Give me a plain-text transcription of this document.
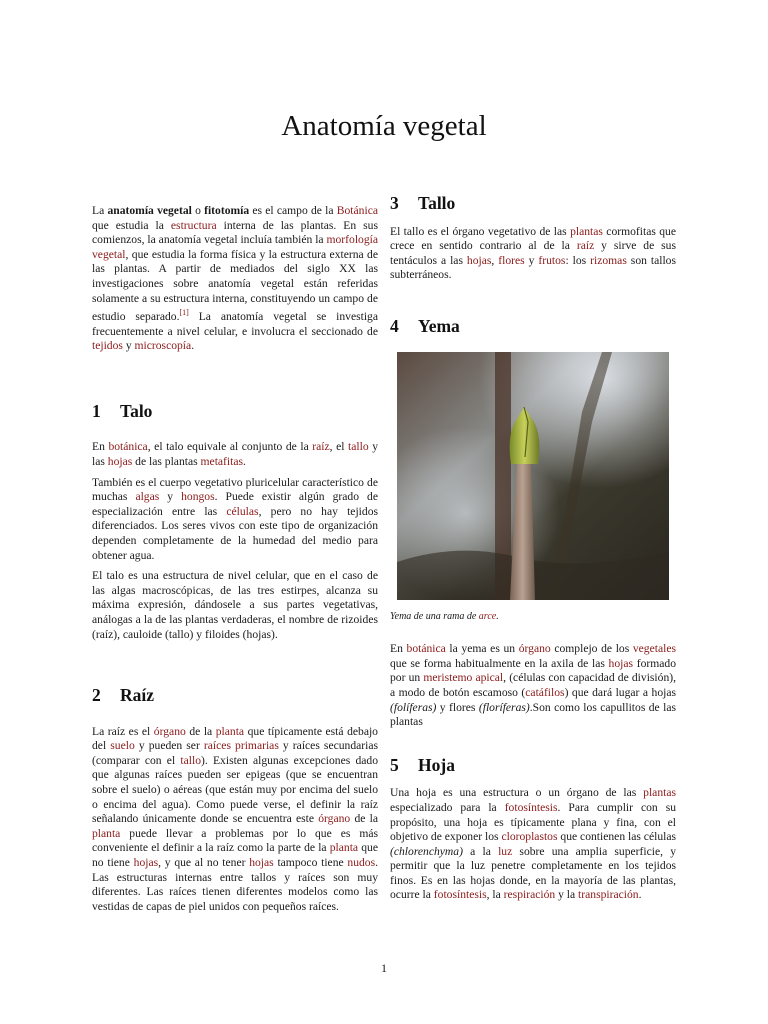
Anatomía vegetal

La anatomía vegetal o fitotomía es el campo de la Botánica que estudia la estructura interna de las plantas. En sus comienzos, la anatomía vegetal incluía también la morfología vegetal, que estudia la forma física y la estructura externa de las plantas. A partir de mediados del siglo XX las investigaciones sobre anatomía vegetal están referidas solamente a su estructura interna, constituyendo un campo de estudio separado.[1] La anatomía vegetal se investiga frecuentemente a nivel celular, e involucra el seccionado de tejidos y microscopía.

1 Talo

En botánica, el talo equivale al conjunto de la raíz, el tallo y las hojas de las plantas metafitas.

También es el cuerpo vegetativo pluricelular característico de muchas algas y hongos. Puede existir algún grado de especialización entre las células, pero no hay tejidos diferenciados. Los seres vivos con este tipo de organización dependen completamente de la humedad del medio para obtener agua.

El talo es una estructura de nivel celular, que en el caso de las algas macroscópicas, de las tres estirpes, alcanza su máxima expresión, dándosele a sus partes vegetativas, análogas a la de las plantas verdaderas, el nombre de rizoides (raíz), cauloide (tallo) y filoides (hojas).

2 Raíz

La raíz es el órgano de la planta que típicamente está debajo del suelo y pueden ser raíces primarias y raíces secundarias (comparar con el tallo). Existen algunas excepciones dado que algunas raíces pueden ser epigeas (que se encuentran sobre el suelo) o aéreas (que están muy por encima del suelo o encima del agua). Como puede verse, el definir la raíz señalando únicamente donde se encuentra este órgano de la planta puede llevar a problemas por lo que es más conveniente el definir a la raíz como la parte de la planta que no tiene hojas, y que al no tener hojas tampoco tiene nudos. Las estructuras internas entre tallos y raíces son muy diferentes. Las raíces tienen diferentes modelos como las vestidas de capas de piel unidos con pequeños raíces.

3 Tallo

El tallo es el órgano vegetativo de las plantas cormofitas que crece en sentido contrario al de la raíz y sirve de sus tentáculos a las hojas, flores y frutos: los rizomas son tallos subterráneos.

4 Yema

Yema de una rama de arce.

En botánica la yema es un órgano complejo de los vegetales que se forma habitualmente en la axila de las hojas formado por un meristemo apical, (células con capacidad de división), a modo de botón escamoso (catáfilos) que dará lugar a hojas (folíferas) y flores (floríferas).Son como los capullitos de las plantas

5 Hoja

Una hoja es una estructura o un órgano de las plantas especializado para la fotosíntesis. Para cumplir con su propósito, una hoja es típicamente plana y fina, con el objetivo de exponer los cloroplastos que contienen las células (chlorenchyma) a la luz sobre una amplia superficie, y permitir que la luz penetre completamente en los tejidos finos. Es en las hojas donde, en la mayoría de las plantas, ocurre la fotosíntesis, la respiración y la transpiración.

1
